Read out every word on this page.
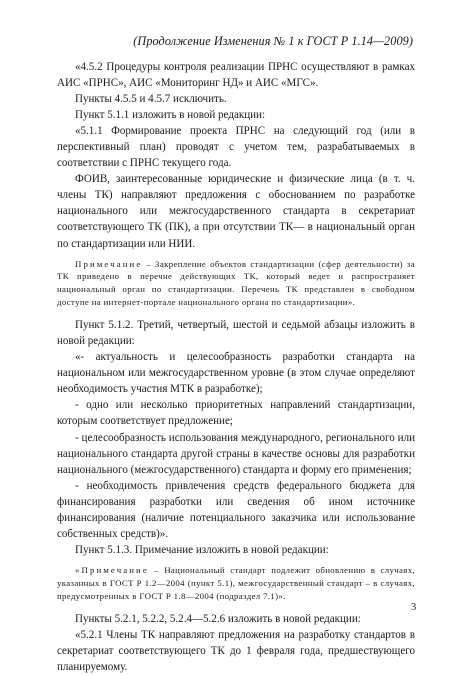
(Продолжение Изменения № 1 к ГОСТ Р 1.14—2009)

«4.5.2 Процедуры контроля реализации ПРНС осуществляют в рамках АИС «ПРНС», АИС «Мониторинг НД» и АИС «МГС».

Пункты 4.5.5 и 4.5.7 исключить.

Пункт 5.1.1 изложить в новой редакции:

«5.1.1 Формирование проекта ПРНС на следующий год (или в перспективный план) проводят с учетом тем, разрабатываемых в соответствии с ПРНС текущего года.

ФОИВ, заинтересованные юридические и физические лица (в т. ч. члены ТК) направляют предложения с обоснованием по разработке национального или межгосударственного стандарта в секретариат соответствующего ТК (ПК), а при отсутствии ТК— в национальный орган по стандартизации или НИИ.

Примечание – Закрепление объектов стандартизации (сфер деятельности) за ТК приведено в перечне действующих ТК, который ведет и распространяет национальный орган по стандартизации. Перечень ТК представлен в свободном доступе на интернет-портале национального органа по стандартизации».

Пункт 5.1.2. Третий, четвертый, шестой и седьмой абзацы изложить в новой редакции:

«- актуальность и целесообразность разработки стандарта на национальном или межгосударственном уровне (в этом случае определяют необходимость участия МТК в разработке);

- одно или несколько приоритетных направлений стандартизации, которым соответствует предложение;

- целесообразность использования международного, регионального или национального стандарта другой страны в качестве основы для разработки национального (межгосударственного) стандарта и форму его применения;

- необходимость привлечения средств федерального бюджета для финансирования разработки или сведения об ином источнике финансирования (наличие потенциального заказчика или использование собственных средств)».

Пункт 5.1.3. Примечание изложить в новой редакции:

«Примечание – Национальный стандарт подлежит обновлению в случаях, указанных в ГОСТ Р 1.2—2004 (пункт 5.1), межгосударственный стандарт – в случаях, предусмотренных в ГОСТ Р 1.8—2004 (подраздел 7.1)».

Пункты 5.2.1, 5.2.2, 5.2.4—5.2.6 изложить в новой редакции:

«5.2.1 Члены ТК направляют предложения на разработку стандартов в секретариат соответствующего ТК до 1 февраля года, предшествующего планируемому.

3
